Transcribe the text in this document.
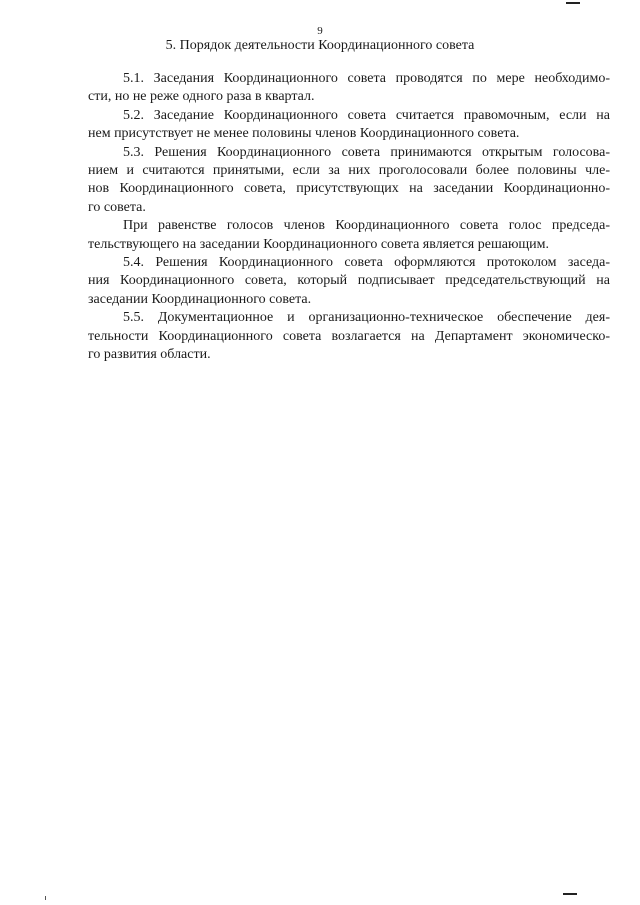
9
5. Порядок деятельности Координационного совета

5.1. Заседания Координационного совета проводятся по мере необходимо-
сти, но не реже одного раза в квартал.

5.2. Заседание Координационного совета считается правомочным, если на
нем присутствует не менее половины членов Координационного совета.

5.3. Решения Координационного совета принимаются открытым голосова-
нием и считаются принятыми, если за них проголосовали более половины чле-
нов Координационного совета, присутствующих на заседании Координационно-
го совета.

При равенстве голосов членов Координационного совета голос председа-
тельствующего на заседании Координационного совета является решающим.

5.4. Решения Координационного совета оформляются протоколом заседа-
ния Координационного совета, который подписывает председательствующий на
заседании Координационного совета.

5.5. Документационное и организационно-техническое обеспечение дея-
тельности Координационного совета возлагается на Департамент экономическо-
го развития области.
